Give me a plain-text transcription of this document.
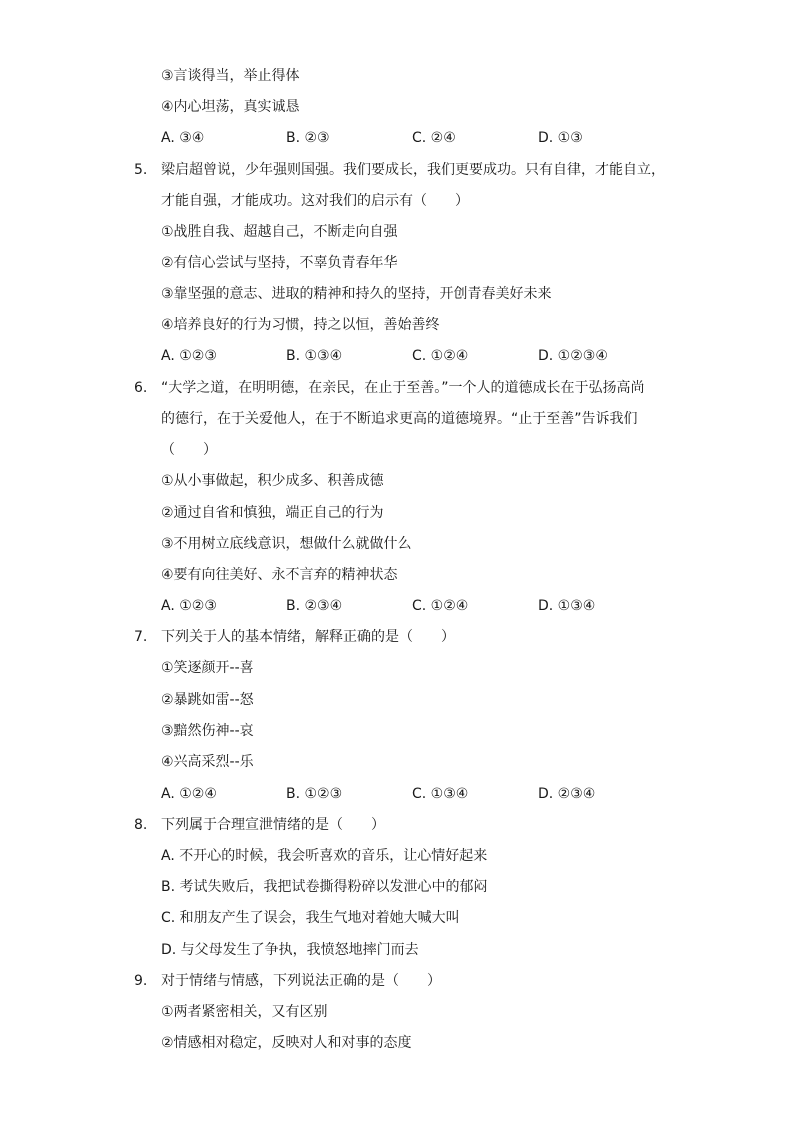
③言谈得当，举止得体
④内心坦荡，真实诚恳
A. ③④	B. ②③	C. ②④	D. ①③
5. 梁启超曾说，少年强则国强。我们要成长，我们更要成功。只有自律，才能自立，
才能自强，才能成功。这对我们的启示有（　　）
①战胜自我、超越自己，不断走向自强
②有信心尝试与坚持，不辜负青春年华
③靠坚强的意志、进取的精神和持久的坚持，开创青春美好未来
④培养良好的行为习惯，持之以恒，善始善终
A. ①②③	B. ①③④	C. ①②④	D. ①②③④
6. “大学之道，在明明德，在亲民，在止于至善。”一个人的道德成长在于弘扬高尚
的德行，在于关爱他人，在于不断追求更高的道德境界。“止于至善”告诉我们
（　　）
①从小事做起，积少成多、积善成德
②通过自省和慎独，端正自己的行为
③不用树立底线意识，想做什么就做什么
④要有向往美好、永不言弃的精神状态
A. ①②③	B. ②③④	C. ①②④	D. ①③④
7. 下列关于人的基本情绪，解释正确的是（　　）
①笑逐颜开--喜
②暴跳如雷--怒
③黯然伤神--哀
④兴高采烈--乐
A. ①②④	B. ①②③	C. ①③④	D. ②③④
8. 下列属于合理宣泄情绪的是（　　）
A. 不开心的时候，我会听喜欢的音乐，让心情好起来
B. 考试失败后，我把试卷撕得粉碎以发泄心中的郁闷
C. 和朋友产生了误会，我生气地对着她大喊大叫
D. 与父母发生了争执，我愤怒地摔门而去
9. 对于情绪与情感，下列说法正确的是（　　）
①两者紧密相关，又有区别
②情感相对稳定，反映对人和对事的态度
